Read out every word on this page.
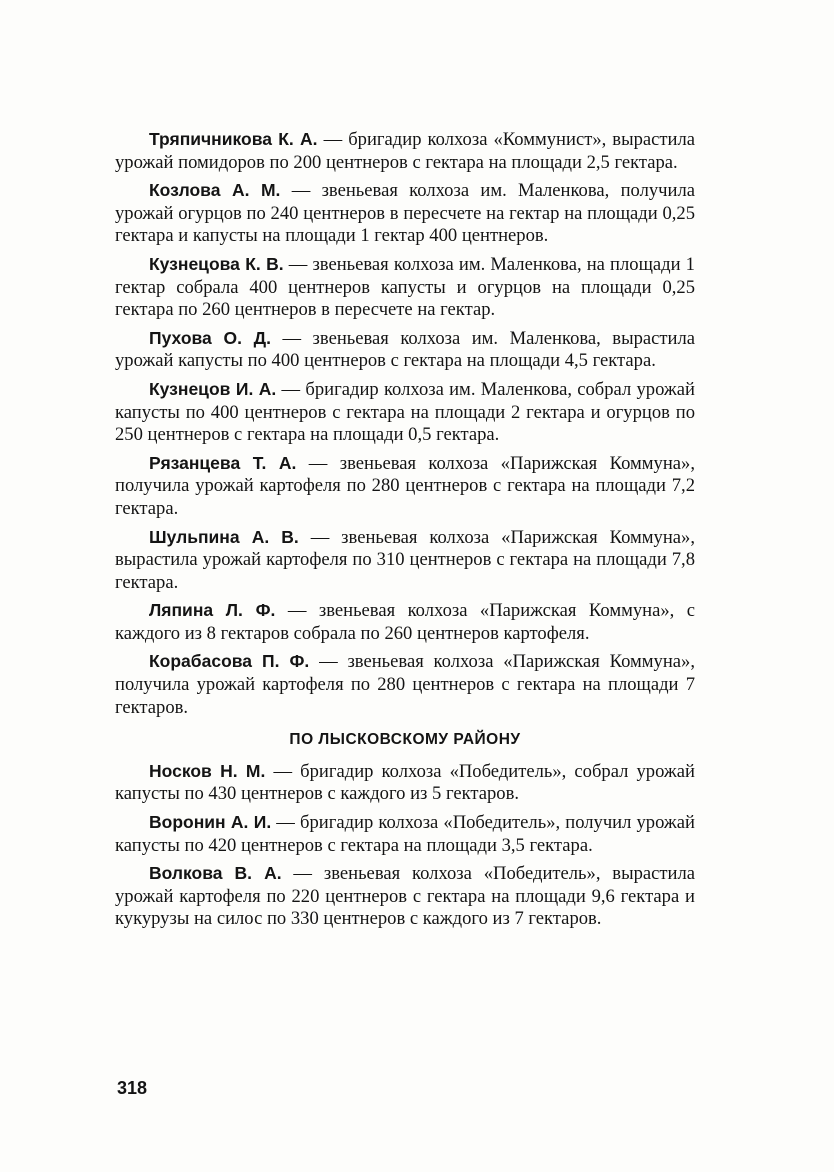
Тряпичникова К. А. — бригадир колхоза «Коммунист», вырастила урожай помидоров по 200 центнеров с гектара на площади 2,5 гектара.

Козлова А. М. — звеньевая колхоза им. Маленкова, получила урожай огурцов по 240 центнеров в пересчете на гектар на площади 0,25 гектара и капусты на площади 1 гектар 400 центнеров.

Кузнецова К. В. — звеньевая колхоза им. Маленкова, на площади 1 гектар собрала 400 центнеров капусты и огурцов на площади 0,25 гектара по 260 центнеров в пересчете на гектар.

Пухова О. Д. — звеньевая колхоза им. Маленкова, вырастила урожай капусты по 400 центнеров с гектара на площади 4,5 гектара.

Кузнецов И. А. — бригадир колхоза им. Маленкова, собрал урожай капусты по 400 центнеров с гектара на площади 2 гектара и огурцов по 250 центнеров с гектара на площади 0,5 гектара.

Рязанцева Т. А. — звеньевая колхоза «Парижская Коммуна», получила урожай картофеля по 280 центнеров с гектара на площади 7,2 гектара.

Шульпина А. В. — звеньевая колхоза «Парижская Коммуна», вырастила урожай картофеля по 310 центнеров с гектара на площади 7,8 гектара.

Ляпина Л. Ф. — звеньевая колхоза «Парижская Коммуна», с каждого из 8 гектаров собрала по 260 центнеров картофеля.

Корабасова П. Ф. — звеньевая колхоза «Парижская Коммуна», получила урожай картофеля по 280 центнеров с гектара на площади 7 гектаров.

ПО ЛЫСКОВСКОМУ РАЙОНУ

Носков Н. М. — бригадир колхоза «Победитель», собрал урожай капусты по 430 центнеров с каждого из 5 гектаров.

Воронин А. И. — бригадир колхоза «Победитель», получил урожай капусты по 420 центнеров с гектара на площади 3,5 гектара.

Волкова В. А. — звеньевая колхоза «Победитель», вырастила урожай картофеля по 220 центнеров с гектара на площади 9,6 гектара и кукурузы на силос по 330 центнеров с каждого из 7 гектаров.

318
